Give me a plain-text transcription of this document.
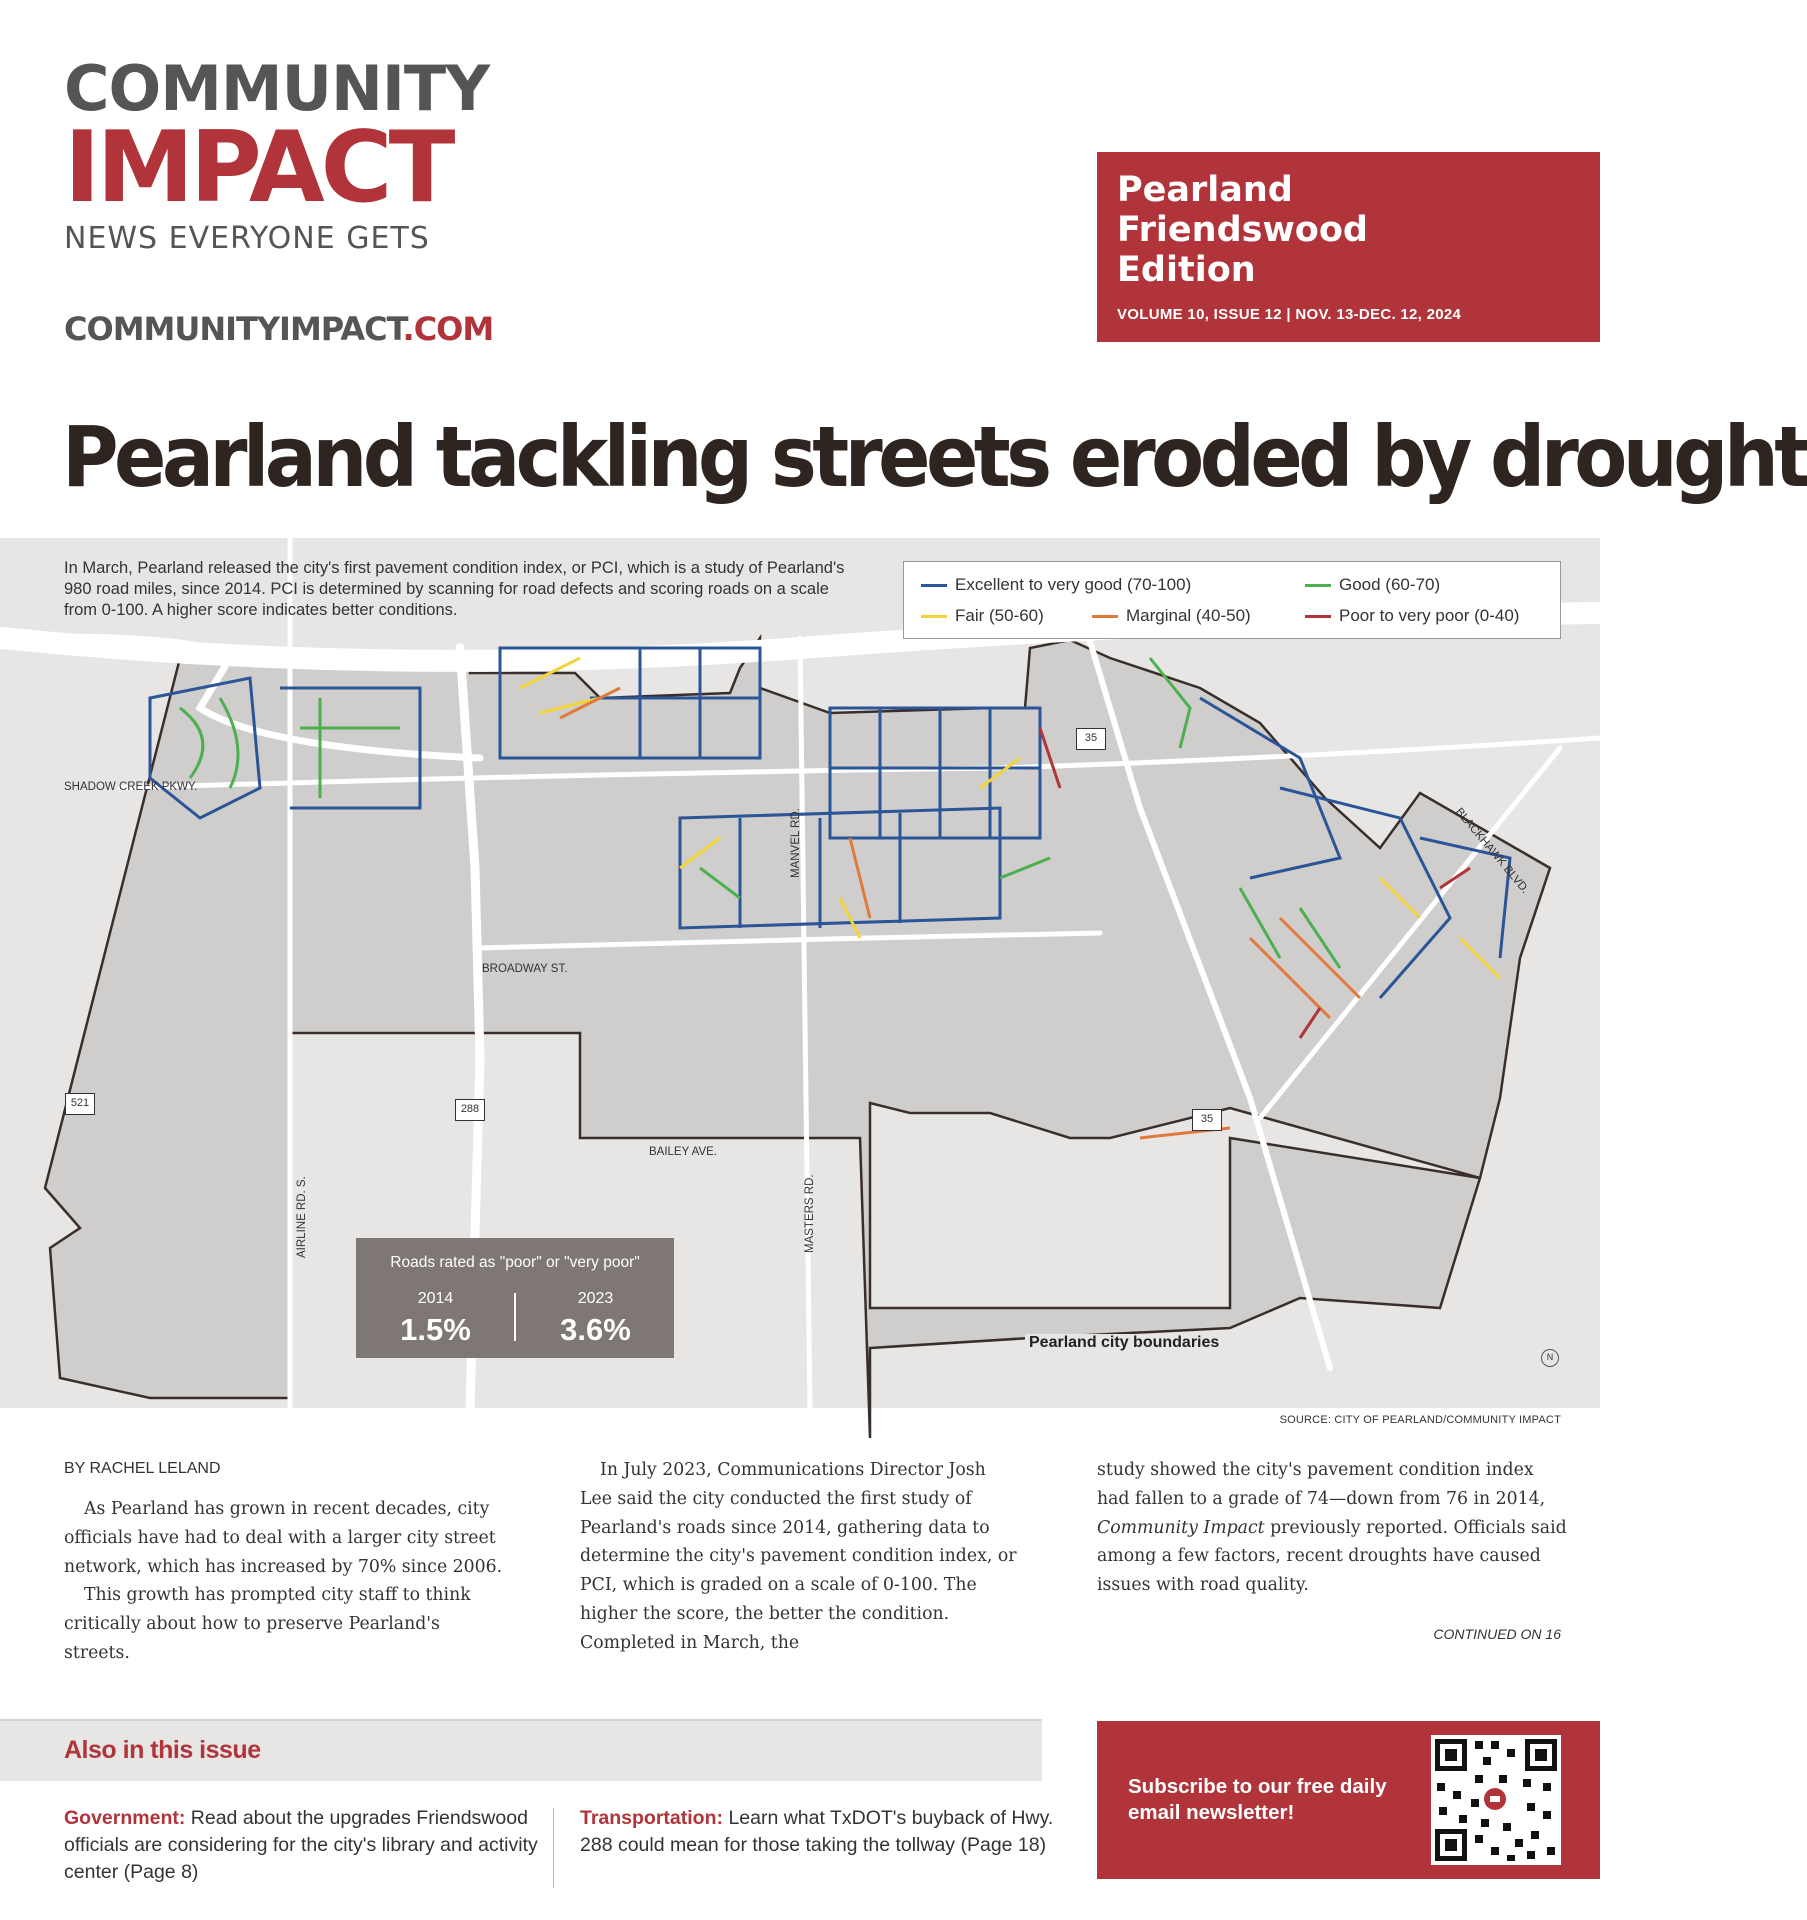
COMMUNITY
IMPACT
NEWS EVERYONE GETS
COMMUNITYIMPACT.COM
Pearland
Friendswood
Edition
VOLUME 10, ISSUE 12 | NOV. 13-DEC. 12, 2024
Pearland tackling streets eroded by drought

In March, Pearland released the city's first pavement condition index, or PCI, which is a study of Pearland's 980 road miles, since 2014. PCI is determined by scanning for road defects and scoring roads on a scale from 0-100. A higher score indicates better conditions.

Excellent to very good (70-100)	Good (60-70)
Fair (50-60)	Marginal (40-50)	Poor to very poor (0-40)
SHADOW CREEK PKWY.
BROADWAY ST.
BAILEY AVE.
MANVEL RD.
MASTERS RD.
AIRLINE RD. S.
BLACKHAWK BLVD.
35
35
288
521
Pearland city boundaries
N
Roads rated as "poor" or "very poor"
2014
1.5%
2023
3.6%
SOURCE: CITY OF PEARLAND/COMMUNITY IMPACT
BY RACHEL LELAND

As Pearland has grown in recent decades, city officials have had to deal with a larger city street network, which has increased by 70% since 2006.

This growth has prompted city staff to think critically about how to preserve Pearland's streets.

In July 2023, Communications Director Josh Lee said the city conducted the first study of Pearland's roads since 2014, gathering data to determine the city's pavement condition index, or PCI, which is graded on a scale of 0-100. The higher the score, the better the condition. Completed in March, the

study showed the city's pavement condition index had fallen to a grade of 74—down from 76 in 2014, Community Impact previously reported. Officials said among a few factors, recent droughts have caused issues with road quality.

CONTINUED ON 16
Also in this issue
Government: Read about the upgrades Friendswood officials are considering for the city's library and activity center (Page 8)
Transportation: Learn what TxDOT's buyback of Hwy. 288 could mean for those taking the tollway (Page 18)
Subscribe to our free daily email newsletter!
